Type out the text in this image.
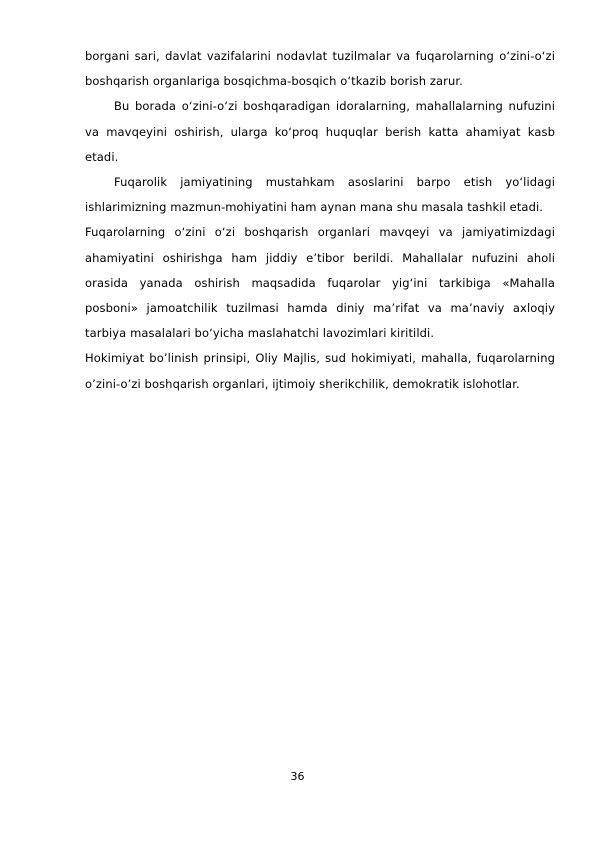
borgani sari, davlat vazifalarini nodavlat tuzilmalar va fuqarolarning o‘zini-o‘zi boshqarish organlariga bosqichma-bosqich o‘tkazib borish zarur.

Bu borada o‘zini-o‘zi boshqaradigan idoralarning, mahallalarning nufuzini va mavqeyini oshirish, ularga ko‘proq huquqlar berish katta ahamiyat kasb etadi.

Fuqarolik jamiyatining mustahkam asoslarini barpo etish yo‘lidagi ishlarimizning mazmun-mohiyatini ham aynan mana shu masala tashkil etadi.

Fuqarolarning o‘zini o‘zi boshqarish organlari mavqeyi va jamiyatimizdagi ahamiyatini oshirishga ham jiddiy e’tibor berildi. Mahallalar nufuzini aholi orasida yanada oshirish maqsadida fuqarolar yig‘ini tarkibiga «Mahalla posboni» jamoatchilik tuzilmasi hamda diniy ma’rifat va ma’naviy axloqiy tarbiya masalalari bo‘yicha maslahatchi lavozimlari kiritildi.

Hokimiyat bo’linish prinsipi, Oliy Majlis, sud hokimiyati, mahalla, fuqarolarning o’zini-o’zi boshqarish organlari, ijtimoiy sherikchilik, demokratik islohotlar.

36
